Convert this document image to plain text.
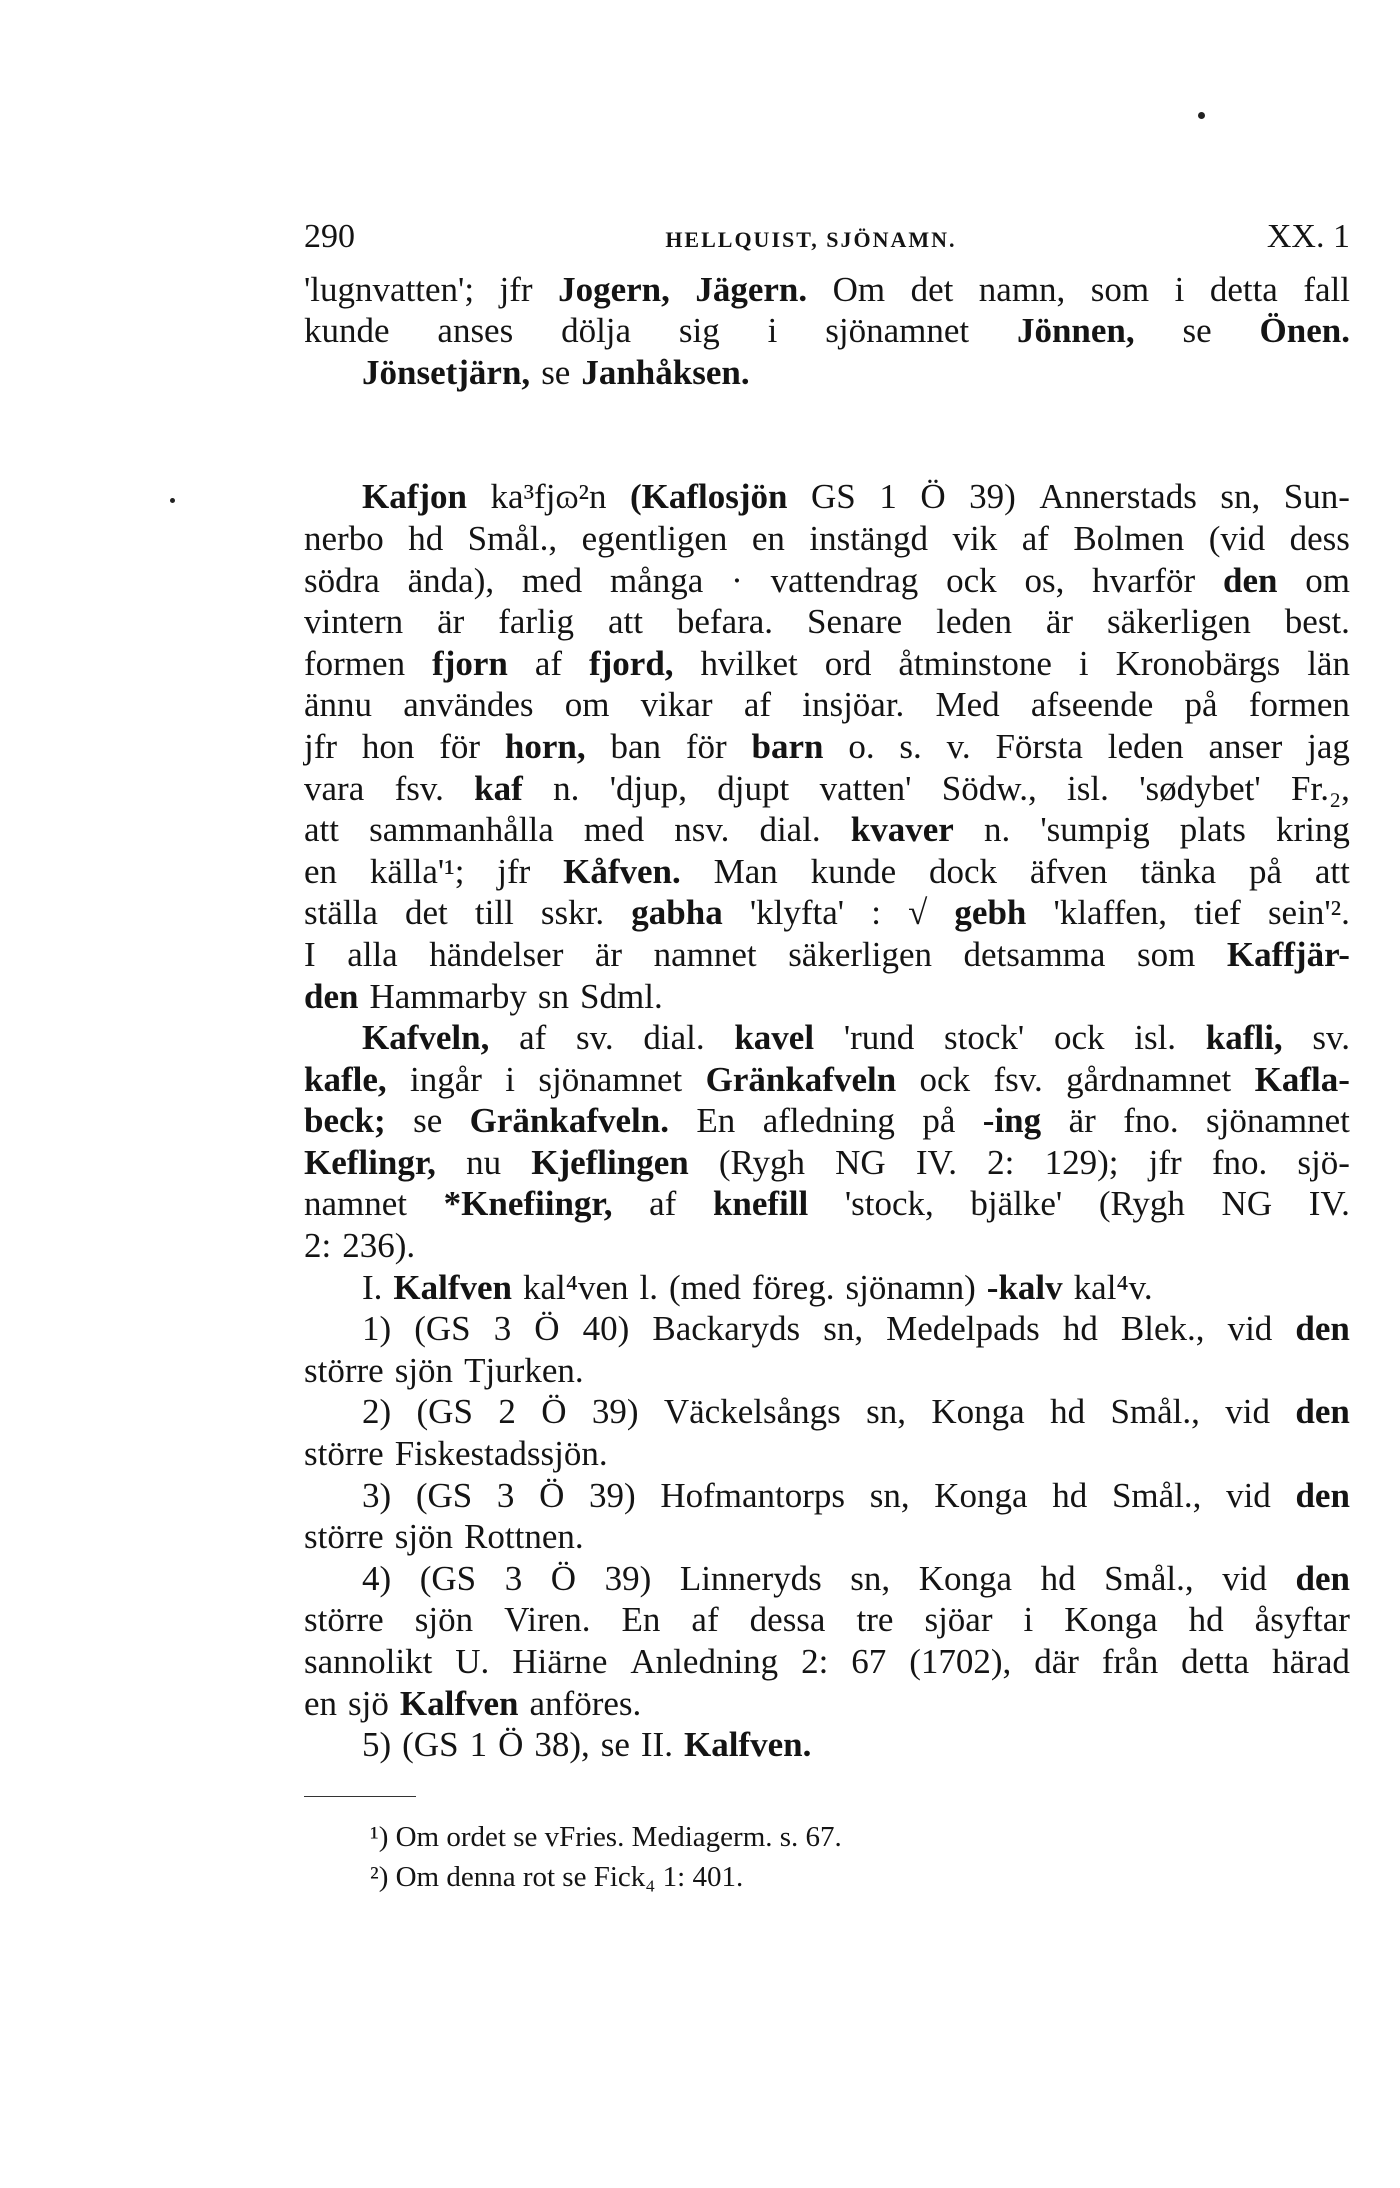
290	HELLQUIST, SJÖNAMN.	XX. 1
'lugnvatten'; jfr Jogern, Jägern. Om det namn, som i detta fall
kunde anses dölja sig i sjönamnet Jönnen, se Önen.
Jönsetjärn, se Janhåksen.
Kafjon ka³fjɷ²n (Kaflosjön GS 1 Ö 39) Annerstads sn, Sun-
nerbo hd Smål., egentligen en instängd vik af Bolmen (vid dess
södra ända), med många · vattendrag ock os, hvarför den om
vintern är farlig att befara. Senare leden är säkerligen best.
formen fjorn af fjord, hvilket ord åtminstone i Kronobärgs län
ännu användes om vikar af insjöar. Med afseende på formen
jfr hon för horn, ban för barn o. s. v. Första leden anser jag
vara fsv. kaf n. 'djup, djupt vatten' Södw., isl. 'sødybet' Fr.₂,
att sammanhålla med nsv. dial. kvaver n. 'sumpig plats kring
en källa'¹; jfr Kåfven. Man kunde dock äfven tänka på att
ställa det till sskr. gabha 'klyfta' : √ gebh 'klaffen, tief sein'².
I alla händelser är namnet säkerligen detsamma som Kaffjär-
den Hammarby sn Sdml.
Kafveln, af sv. dial. kavel 'rund stock' ock isl. kafli, sv.
kafle, ingår i sjönamnet Gränkafveln ock fsv. gårdnamnet Kafla-
beck; se Gränkafveln. En afledning på -ing är fno. sjönamnet
Keflingr, nu Kjeflingen (Rygh NG IV. 2: 129); jfr fno. sjö-
namnet *Knefiingr, af knefill 'stock, bjälke' (Rygh NG IV.
2: 236).
I. Kalfven kal⁴ven l. (med föreg. sjönamn) -kalv kal⁴v.
1) (GS 3 Ö 40) Backaryds sn, Medelpads hd Blek., vid den
större sjön Tjurken.
2) (GS 2 Ö 39) Väckelsångs sn, Konga hd Smål., vid den
större Fiskestadssjön.
3) (GS 3 Ö 39) Hofmantorps sn, Konga hd Smål., vid den
större sjön Rottnen.
4) (GS 3 Ö 39) Linneryds sn, Konga hd Smål., vid den
större sjön Viren. En af dessa tre sjöar i Konga hd åsyftar
sannolikt U. Hiärne Anledning 2: 67 (1702), där från detta härad
en sjö Kalfven anföres.
5) (GS 1 Ö 38), se II. Kalfven.
¹) Om ordet se vFries. Mediagerm. s. 67.
²) Om denna rot se Fick₄ 1: 401.
